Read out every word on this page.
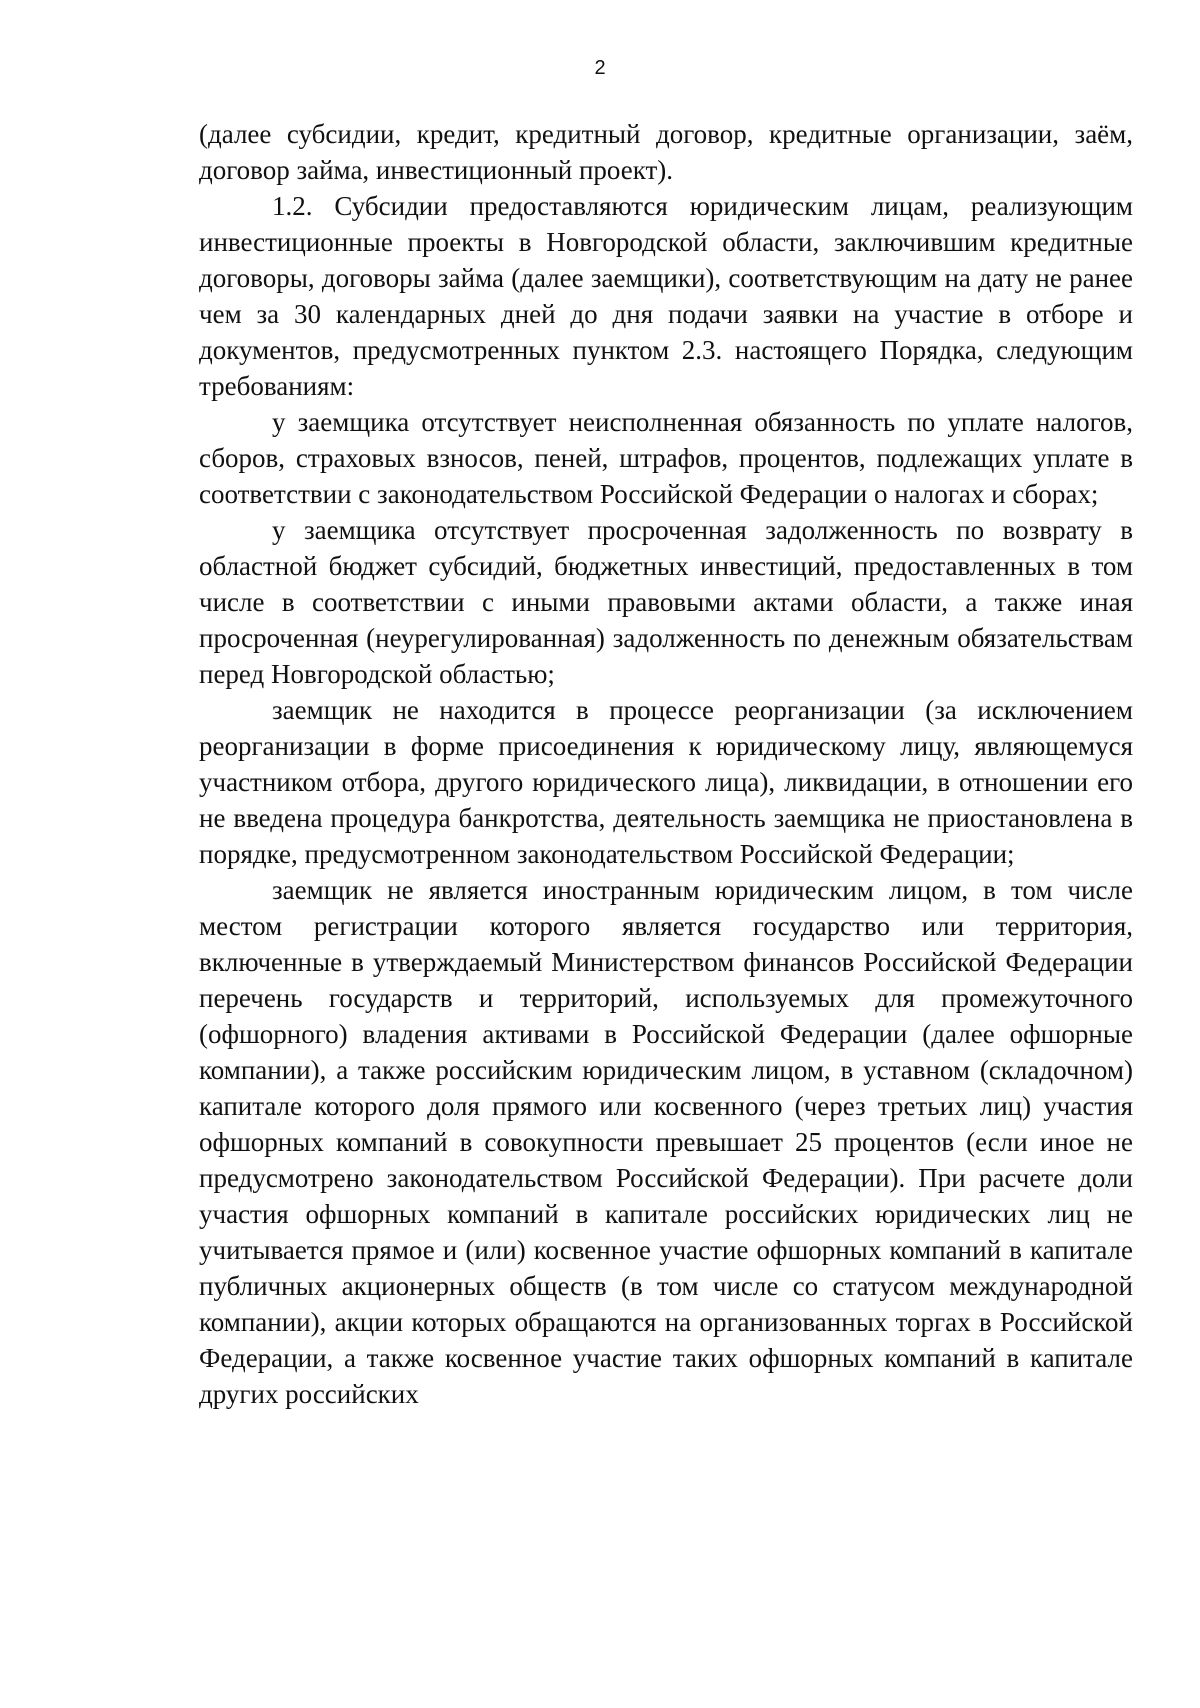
2

(далее субсидии, кредит, кредитный договор, кредитные организации, заём, договор займа, инвестиционный проект).

1.2. Субсидии предоставляются юридическим лицам, реализующим инвестиционные проекты в Новгородской области, заключившим кредитные договоры, договоры займа (далее заемщики), соответствующим на дату не ранее чем за 30 календарных дней до дня подачи заявки на участие в отборе и документов, предусмотренных пунктом 2.3. настоящего Порядка, следующим требованиям:

у заемщика отсутствует неисполненная обязанность по уплате налогов, сборов, страховых взносов, пеней, штрафов, процентов, подлежащих уплате в соответствии с законодательством Российской Федерации о налогах и сборах;

у заемщика отсутствует просроченная задолженность по возврату в областной бюджет субсидий, бюджетных инвестиций, предоставленных в том числе в соответствии с иными правовыми актами области, а также иная просроченная (неурегулированная) задолженность по денежным обязательствам перед Новгородской областью;

заемщик не находится в процессе реорганизации (за исключением реорганизации в форме присоединения к юридическому лицу, являющемуся участником отбора, другого юридического лица), ликвидации, в отношении его не введена процедура банкротства, деятельность заемщика не приостановлена в порядке, предусмотренном законодательством Российской Федерации;

заемщик не является иностранным юридическим лицом, в том числе местом регистрации которого является государство или территория, включенные в утверждаемый Министерством финансов Российской Федерации перечень государств и территорий, используемых для промежуточного (офшорного) владения активами в Российской Федерации (далее офшорные компании), а также российским юридическим лицом, в уставном (складочном) капитале которого доля прямого или косвенного (через третьих лиц) участия офшорных компаний в совокупности превышает 25 процентов (если иное не предусмотрено законодательством Российской Федерации). При расчете доли участия офшорных компаний в капитале российских юридических лиц не учитывается прямое и (или) косвенное участие офшорных компаний в капитале публичных акционерных обществ (в том числе со статусом международной компании), акции которых обращаются на организованных торгах в Российской Федерации, а также косвенное участие таких офшорных компаний в капитале других российских
